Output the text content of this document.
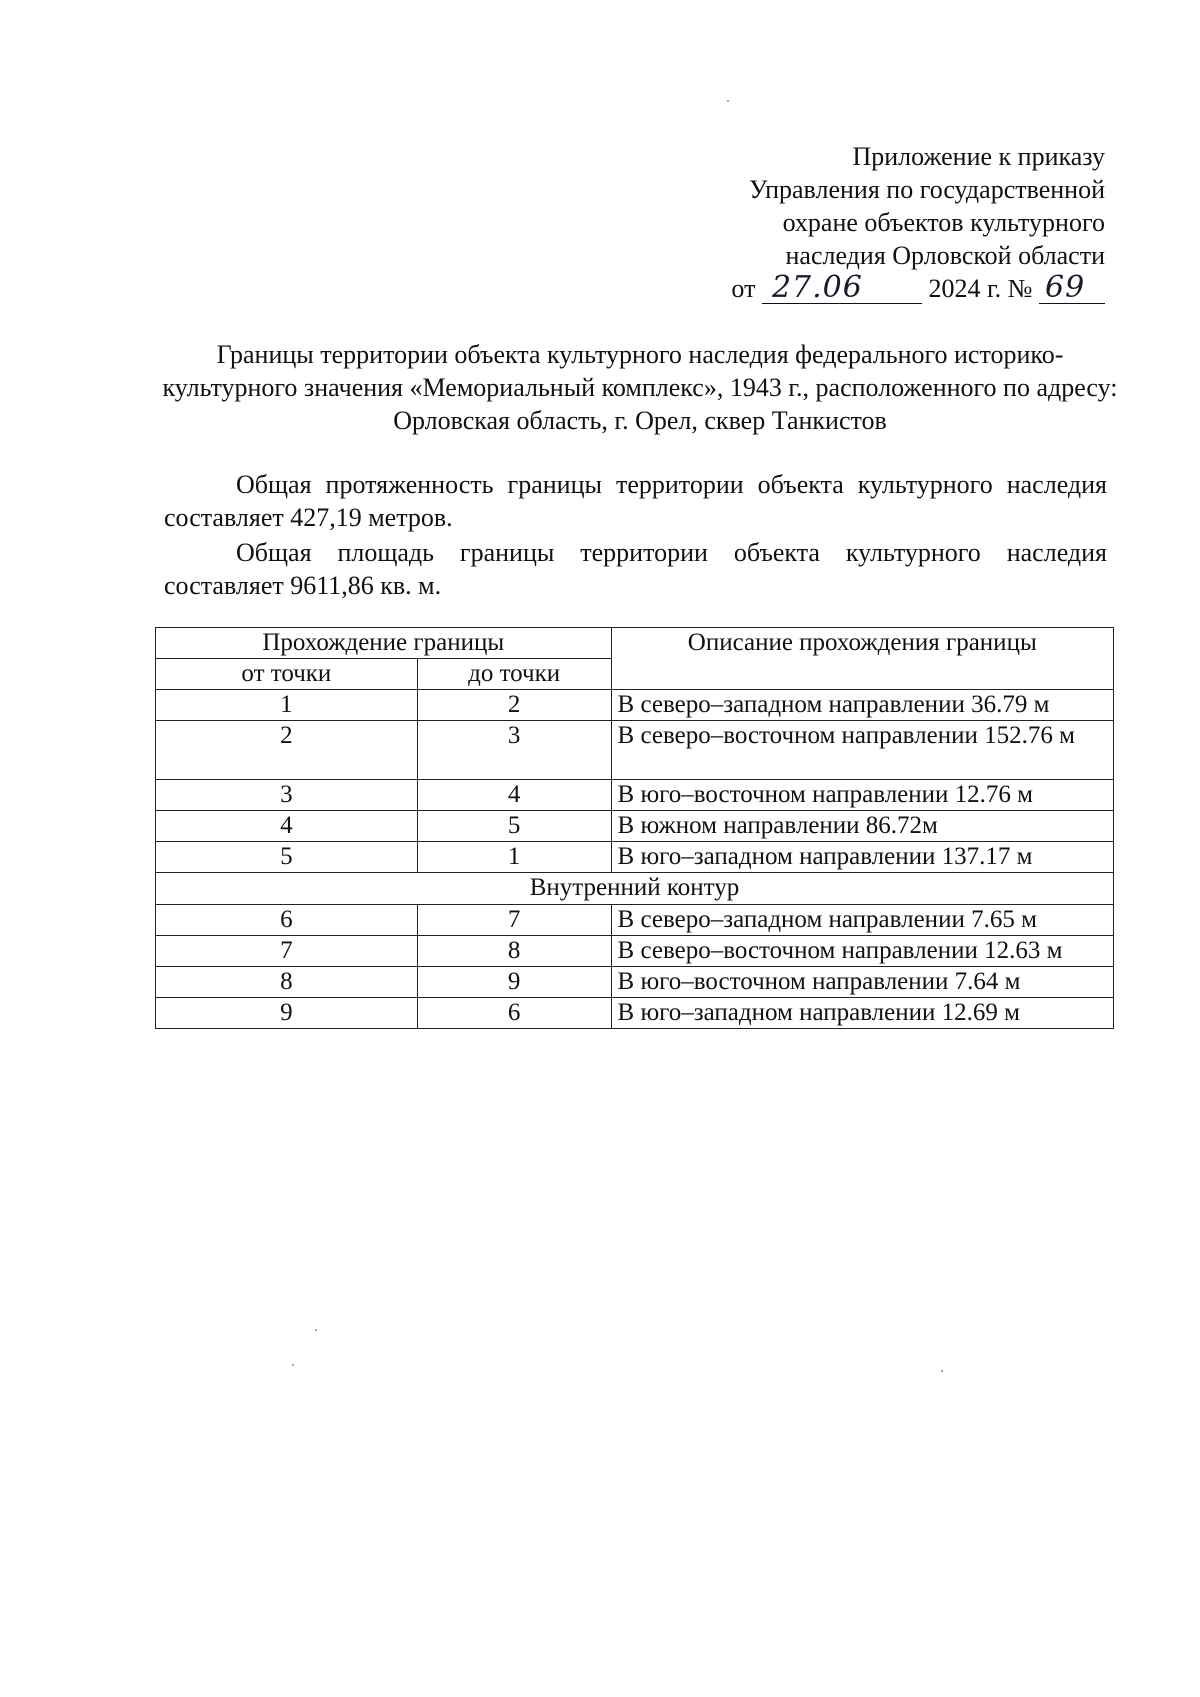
Приложение к приказу
Управления по государственной
охране объектов культурного
наследия Орловской области
от 27.06	2024 г. № 69
Границы территории объекта культурного наследия федерального историко-культурного значения «Мемориальный комплекс», 1943 г., расположенного по адресу: Орловская область, г. Орел, сквер Танкистов
Общая протяженность границы территории объекта культурного наследия составляет 427,19 метров.
Общая площадь границы территории объекта культурного наследия составляет 9611,86 кв. м.
Прохождение границы		Описание прохождения границы
от точки	до точки	
1	2	В северо–западном направлении 36.79 м
2	3	В северо–восточном направлении 152.76 м
3	4	В юго–восточном направлении 12.76 м
4	5	В южном направлении 86.72м
5	1	В юго–западном направлении 137.17 м
Внутренний контур		
6	7	В северо–западном направлении 7.65 м
7	8	В северо–восточном направлении 12.63 м
8	9	В юго–восточном направлении 7.64 м
9	6	В юго–западном направлении 12.69 м
